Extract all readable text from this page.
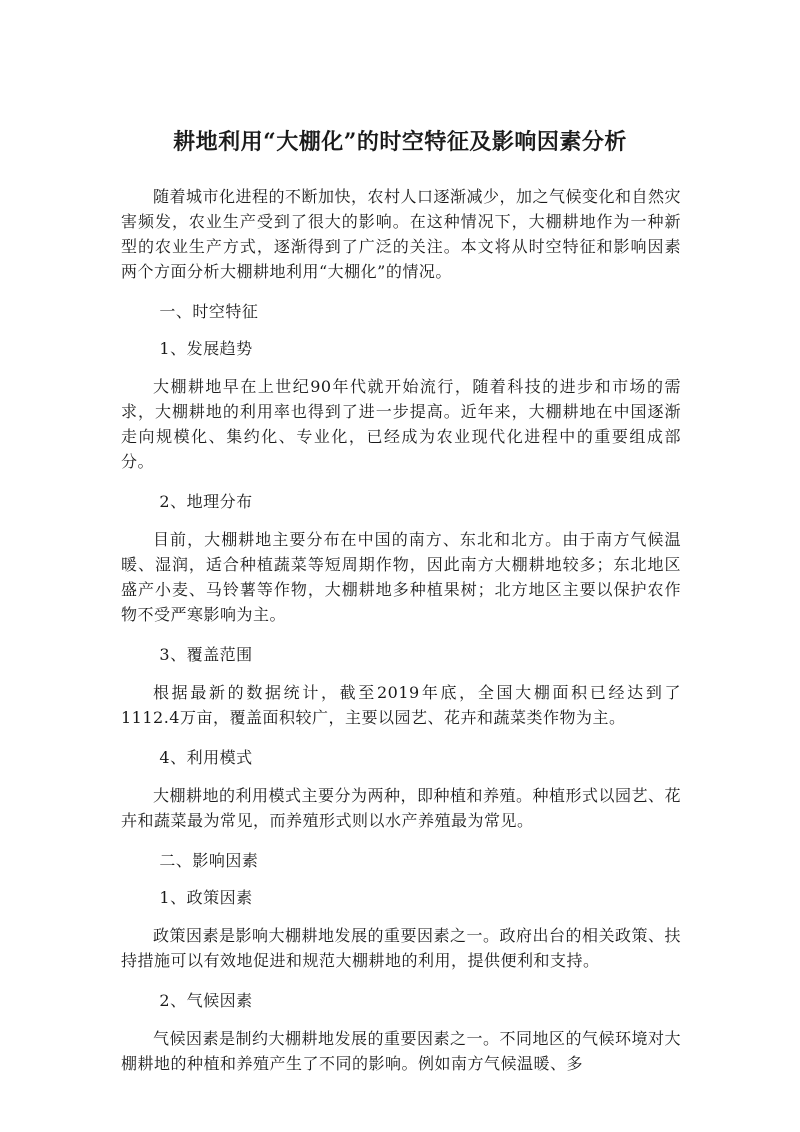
耕地利用“大棚化”的时空特征及影响因素分析

随着城市化进程的不断加快，农村人口逐渐减少，加之气候变化和自然灾害频发，农业生产受到了很大的影响。在这种情况下，大棚耕地作为一种新型的农业生产方式，逐渐得到了广泛的关注。本文将从时空特征和影响因素两个方面分析大棚耕地利用“大棚化”的情况。

一、时空特征

1、发展趋势

大棚耕地早在上世纪90年代就开始流行，随着科技的进步和市场的需求，大棚耕地的利用率也得到了进一步提高。近年来，大棚耕地在中国逐渐走向规模化、集约化、专业化，已经成为农业现代化进程中的重要组成部分。

2、地理分布

目前，大棚耕地主要分布在中国的南方、东北和北方。由于南方气候温暖、湿润，适合种植蔬菜等短周期作物，因此南方大棚耕地较多；东北地区盛产小麦、马铃薯等作物，大棚耕地多种植果树；北方地区主要以保护农作物不受严寒影响为主。

3、覆盖范围

根据最新的数据统计，截至2019年底，全国大棚面积已经达到了1112.4万亩，覆盖面积较广，主要以园艺、花卉和蔬菜类作物为主。

4、利用模式

大棚耕地的利用模式主要分为两种，即种植和养殖。种植形式以园艺、花卉和蔬菜最为常见，而养殖形式则以水产养殖最为常见。

二、影响因素

1、政策因素

政策因素是影响大棚耕地发展的重要因素之一。政府出台的相关政策、扶持措施可以有效地促进和规范大棚耕地的利用，提供便利和支持。

2、气候因素

气候因素是制约大棚耕地发展的重要因素之一。不同地区的气候环境对大棚耕地的种植和养殖产生了不同的影响。例如南方气候温暖、多
